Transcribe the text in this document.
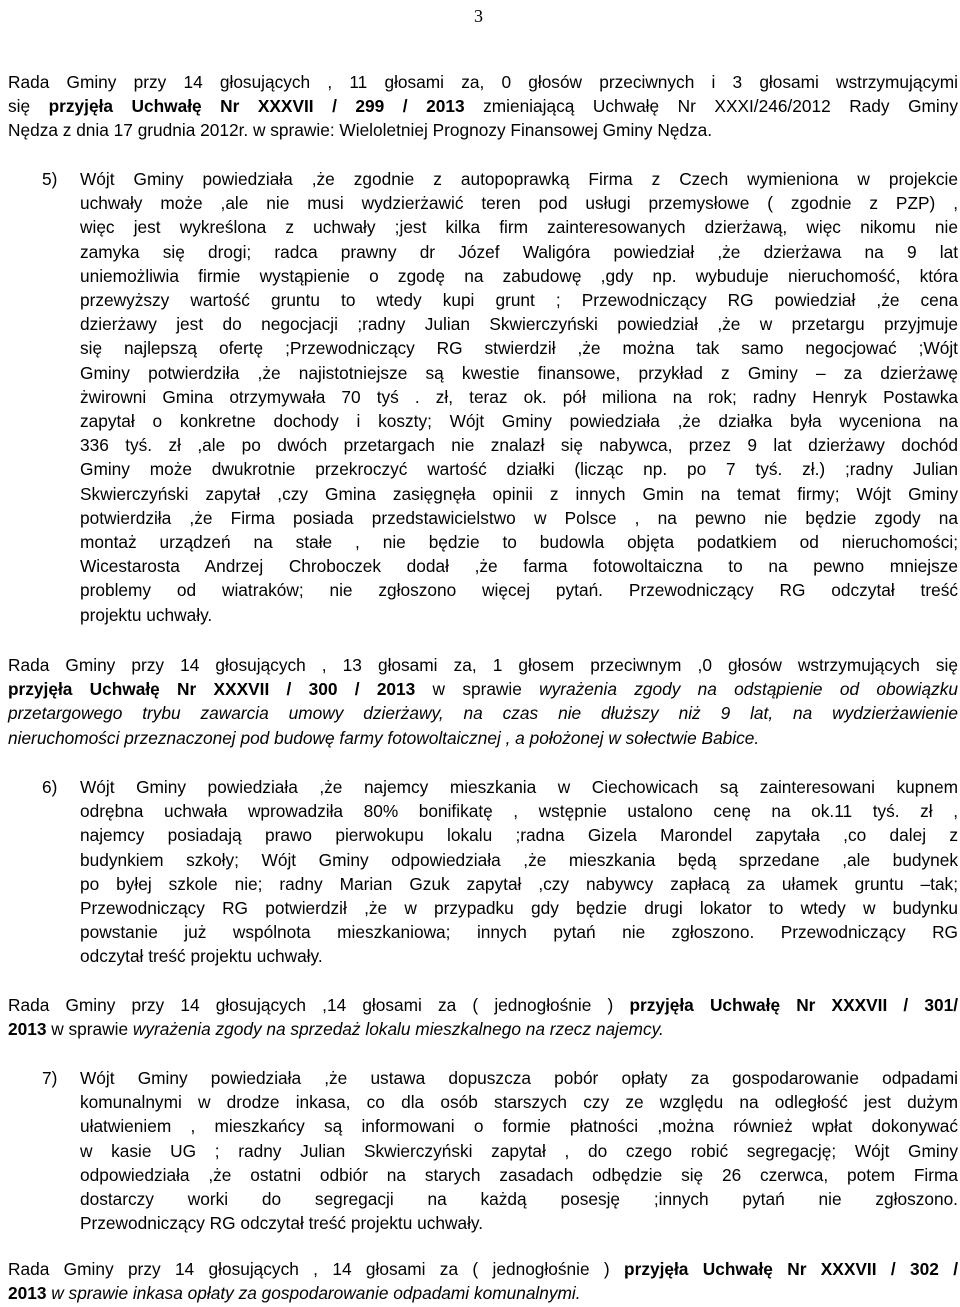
3
Rada Gminy przy 14 głosujących , 11 głosami za, 0 głosów przeciwnych i 3 głosami wstrzymującymi
się przyjęła Uchwałę Nr XXXVII / 299 / 2013 zmieniającą Uchwałę Nr XXXI/246/2012 Rady Gminy
Nędza z dnia 17 grudnia 2012r. w sprawie: Wieloletniej Prognozy Finansowej Gminy Nędza.
5)	Wójt Gminy powiedziała ,że zgodnie z autopoprawką Firma z Czech wymieniona w projekcie
uchwały może ,ale nie musi wydzierżawić teren pod usługi przemysłowe ( zgodnie z PZP) ,
więc jest wykreślona z uchwały ;jest kilka firm zainteresowanych dzierżawą, więc nikomu nie
zamyka się drogi; radca prawny dr Józef Waligóra powiedział ,że dzierżawa na 9 lat
uniemożliwia firmie wystąpienie o zgodę na zabudowę ,gdy np. wybuduje nieruchomość, która
przewyższy wartość gruntu to wtedy kupi grunt ; Przewodniczący RG powiedział ,że cena
dzierżawy jest do negocjacji ;radny Julian Skwierczyński powiedział ,że w przetargu przyjmuje
się najlepszą ofertę ;Przewodniczący RG stwierdził ,że można tak samo negocjować ;Wójt
Gminy potwierdziła ,że najistotniejsze są kwestie finansowe, przykład z Gminy – za dzierżawę
żwirowni Gmina otrzymywała 70 tyś . zł, teraz ok. pół miliona na rok; radny Henryk Postawka
zapytał o konkretne dochody i koszty; Wójt Gminy powiedziała ,że działka była wyceniona na
336 tyś. zł ,ale po dwóch przetargach nie znalazł się nabywca, przez 9 lat dzierżawy dochód
Gminy może dwukrotnie przekroczyć wartość działki (licząc np. po 7 tyś. zł.) ;radny Julian
Skwierczyński zapytał ,czy Gmina zasięgnęła opinii z innych Gmin na temat firmy; Wójt Gminy
potwierdziła ,że Firma posiada przedstawicielstwo w Polsce , na pewno nie będzie zgody na
montaż urządzeń na stałe , nie będzie to budowla objęta podatkiem od nieruchomości;
Wicestarosta Andrzej Chroboczek dodał ,że farma fotowoltaiczna to na pewno mniejsze
problemy od wiatraków; nie zgłoszono więcej pytań. Przewodniczący RG odczytał treść
projektu uchwały.
Rada Gminy przy 14 głosujących , 13 głosami za, 1 głosem przeciwnym ,0 głosów wstrzymujących się
przyjęła Uchwałę Nr XXXVII / 300 / 2013 w sprawie wyrażenia zgody na odstąpienie od obowiązku
przetargowego trybu zawarcia umowy dzierżawy, na czas nie dłuższy niż 9 lat, na wydzierżawienie
nieruchomości przeznaczonej pod budowę farmy fotowoltaicznej , a położonej w sołectwie Babice.
6)	Wójt Gminy powiedziała ,że najemcy mieszkania w Ciechowicach są zainteresowani kupnem
odrębna uchwała wprowadziła 80% bonifikatę , wstępnie ustalono cenę na ok.11 tyś. zł ,
najemcy posiadają prawo pierwokupu lokalu ;radna Gizela Marondel zapytała ,co dalej z
budynkiem szkoły; Wójt Gminy odpowiedziała ,że mieszkania będą sprzedane ,ale budynek
po byłej szkole nie; radny Marian Gzuk zapytał ,czy nabywcy zapłacą za ułamek gruntu –tak;
Przewodniczący RG potwierdził ,że w przypadku gdy będzie drugi lokator to wtedy w budynku
powstanie już wspólnota mieszkaniowa; innych pytań nie zgłoszono. Przewodniczący RG
odczytał treść projektu uchwały.
Rada Gminy przy 14 głosujących ,14 głosami za ( jednogłośnie ) przyjęła Uchwałę Nr XXXVII / 301/
2013 w sprawie wyrażenia zgody na sprzedaż lokalu mieszkalnego na rzecz najemcy.
7)	Wójt Gminy powiedziała ,że ustawa dopuszcza pobór opłaty za gospodarowanie odpadami
komunalnymi w drodze inkasa, co dla osób starszych czy ze względu na odległość jest dużym
ułatwieniem , mieszkańcy są informowani o formie płatności ,można również wpłat dokonywać
w kasie UG ; radny Julian Skwierczyński zapytał , do czego robić segregację; Wójt Gminy
odpowiedziała ,że ostatni odbiór na starych zasadach odbędzie się 26 czerwca, potem Firma
dostarczy worki do segregacji na każdą posesję ;innych pytań nie zgłoszono.
Przewodniczący RG odczytał treść projektu uchwały.
Rada Gminy przy 14 głosujących , 14 głosami za ( jednogłośnie ) przyjęła Uchwałę Nr XXXVII / 302 /
2013 w sprawie inkasa opłaty za gospodarowanie odpadami komunalnymi.
